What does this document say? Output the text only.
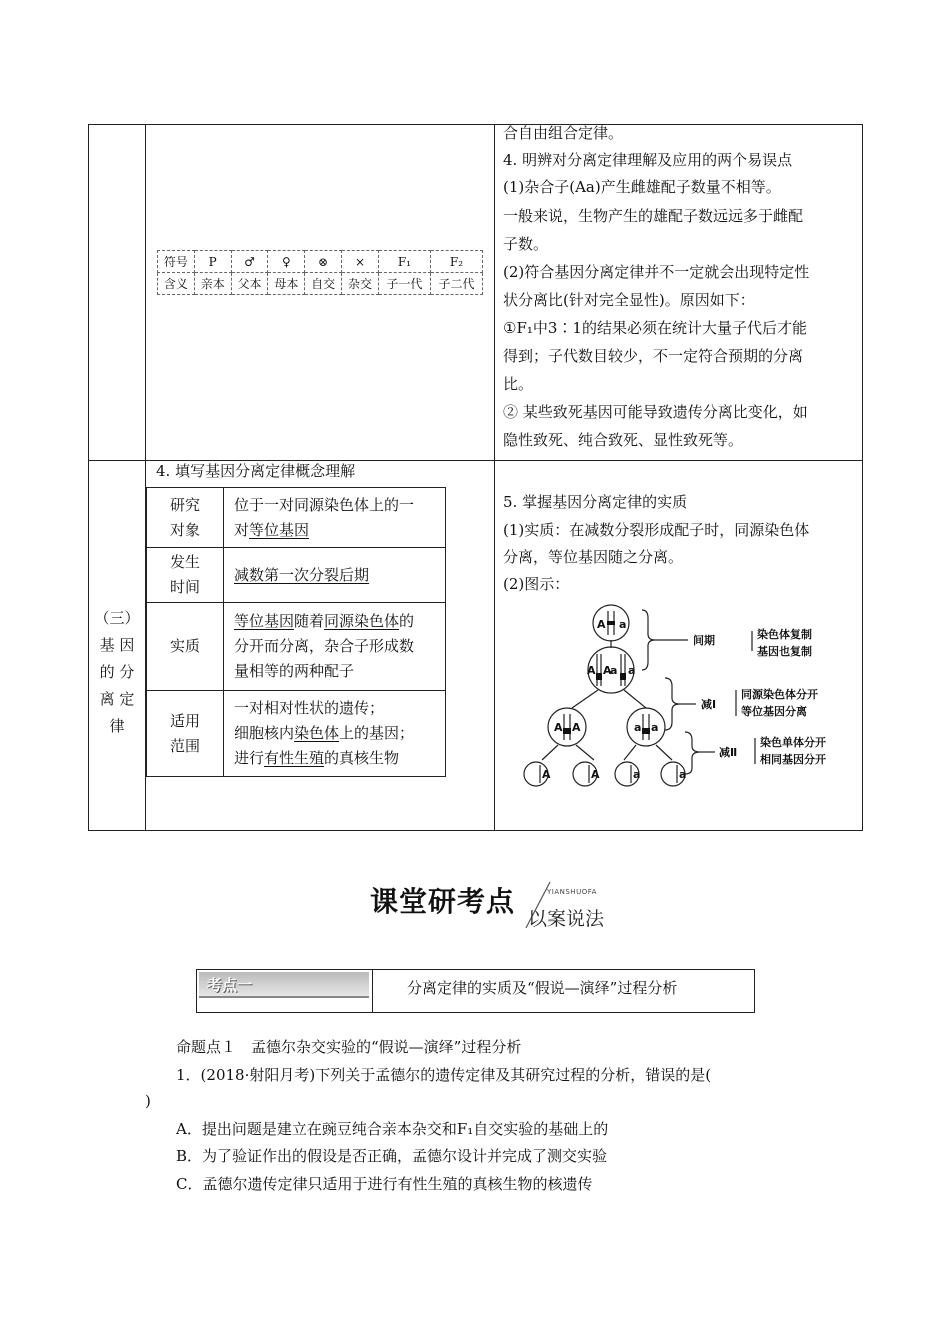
符号	P	♂	♀	⊗	×	F₁	F₂
含义	亲本	父本	母本	自交	杂交	子一代	子二代
合自由组合定律。
4. 明辨对分离定律理解及应用的两个易误点
(1)杂合子(Aa)产生雌雄配子数量不相等。
一般来说，生物产生的雄配子数远远多于雌配
子数。
(2)符合基因分离定律并不一定就会出现特定性
状分离比(针对完全显性)。原因如下：
①F₁中3∶1的结果必须在统计大量子代后才能
得到；子代数目较少，不一定符合预期的分离
比。
② 某些致死基因可能导致遗传分离比变化，如
隐性致死、纯合致死、显性致死等。
（三）
基 因
的 分
离 定
律
4. 填写基因分离定律概念理解
研究
对象	位于一对同源染色体上的一
对等位基因
发生
时间	减数第一次分裂后期
实质	等位基因随着同源染色体的
分开而分离，杂合子形成数
量相等的两种配子
适用
范围	一对相对性状的遗传；
细胞核内染色体上的基因；
进行有性生殖的真核生物
5. 掌握基因分离定律的实质
(1)实质：在减数分裂形成配子时，同源染色体
分离，等位基因随之分离。
(2)图示：
A a
A A
a a
A A	a a
A	A	a	a
间期	染色体复制
基因也复制
减Ⅰ
同源染色体分开
等位基因分离
减Ⅱ
染色单体分开
相同基因分开
课堂研考点	YIANSHUOFA
以案说法
考点一	分离定律的实质及“假说—演绎”过程分析
命题点１　孟德尔杂交实验的“假说—演绎”过程分析
1．(2018·射阳月考)下列关于孟德尔的遗传定律及其研究过程的分析，错误的是(
)
A．提出问题是建立在豌豆纯合亲本杂交和F₁自交实验的基础上的
B．为了验证作出的假设是否正确，孟德尔设计并完成了测交实验
C．孟德尔遗传定律只适用于进行有性生殖的真核生物的核遗传
